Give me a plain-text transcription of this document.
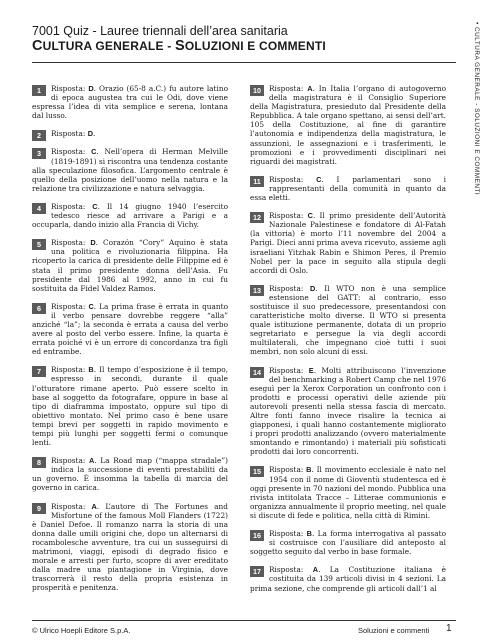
7001 Quiz - Lauree triennali dell’area sanitaria
CULTURA GENERALE - SOLUZIONI E COMMENTI	• CULTURA GENERALE - SOLUZIONI E COMMENTI
1	Risposta: D. Orazio (65-8 a.C.) fu autore latino di epoca augustea tra cui le Odi, dove viene espressa l’idea di vita semplice e serena, lontana dal lusso.
2	Risposta: D.
3	Risposta: C. Nell’opera di Herman Melville (1819-1891) si riscontra una tendenza costante alla speculazione filosofica. L’argomento centrale è quello della posizione dell’uomo nella natura e la relazione tra civilizzazione e natura selvaggia.
4	Risposta: C. Il 14 giugno 1940 l’esercito tedesco riesce ad arrivare a Parigi e a occuparla, dando inizio alla Francia di Vichy.
5	Risposta: D. Corazón “Cory” Aquino è stata una politica e rivoluzionaria filippina. Ha ricoperto la carica di presidente delle Filippine ed è stata il primo presidente donna dell’Asia. Fu presidente dal 1986 al 1992, anno in cui fu sostituita da Fidel Valdez Ramos.
6	Risposta: C. La prima frase è errata in quanto il verbo pensare dovrebbe reggere “alla” anziché “la”; la seconda è errata a causa del verbo avere al posto del verbo essere. Infine, la quarta è errata poiché vi è un errore di concordanza tra figli ed entrambe.
7	Risposta: B. Il tempo d’esposizione è il tempo, espresso in secondi, durante il quale l’otturatore rimane aperto. Può essere scelto in base al soggetto da fotografare, oppure in base al tipo di diaframma impostato, oppure sul tipo di obiettivo montato. Nel primo caso è bene usare tempi brevi per soggetti in rapido movimento e tempi più lunghi per soggetti fermi o comunque lenti.
8	Risposta: A. La Road map (“mappa stradale”) indica la successione di eventi prestabiliti da un governo. È insomma la tabella di marcia del governo in carica.
9	Risposta: A. L’autore di The Fortunes and Misfortune of the famous Moll Flanders (1722) è Daniel Defoe. Il romanzo narra la storia di una donna dalle umili origini che, dopo un alternarsi di rocambolesche avventure, tra cui un susseguirsi di matrimoni, viaggi, episodi di degrado fisico e morale e arresti per furto, scopre di aver ereditato dalla madre una piantagione in Virginia, dove trascorrerà il resto della propria esistenza in prosperità e penitenza.
10	Risposta: A. In Italia l’organo di autogoverno della magistratura è il Consiglio Superiore della Magistratura, presieduto dal Presidente della Repubblica. A tale organo spettano, ai sensi dell’art. 105 della Costituzione, al fine di garantire l’autonomia e indipendenza della magistratura, le assunzioni, le assegnazioni e i trasferimenti, le promozioni e i provvedimenti disciplinari nei riguardi dei magistrati.
11	Risposta: C. I parlamentari sono i rappresentanti della comunità in quanto da essa eletti.
12	Risposta: C. Il primo presidente dell’Autorità Nazionale Palestinese e fondatore di Al-Fatah (la vittoria) è morto l’11 novembre del 2004 a Parigi. Dieci anni prima aveva ricevuto, assieme agli israeliani Yitzhak Rabin e Shimon Peres, il Premio Nobel per la pace in seguito alla stipula degli accordi di Oslo.
13	Risposta: D. Il WTO non è una semplice estensione del GATT: al contrario, esso sostituisce il suo predecessore, presentandosi con caratteristiche molto diverse. Il WTO si presenta quale istituzione permanente, dotata di un proprio segretariato e persegue la via degli accordi multilaterali, che impegnano cioè tutti i suoi membri, non solo alcuni di essi.
14	Risposta: E. Molti attribuiscono l’invenzione del benchmarking a Robert Camp che nel 1976 eseguì per la Xerox Corporation un confronto con i prodotti e processi operativi delle aziende più autorevoli presenti nella stessa fascia di mercato. Altre fonti fanno invece risalire la tecnica ai giapponesi, i quali hanno costantemente migliorato i propri prodotti analizzando (ovvero materialmente smontando e rimontando) i materiali più sofisticati prodotti dai loro concorrenti.
15	Risposta: B. Il movimento ecclesiale è nato nel 1954 con il nome di Gioventù studentesca ed è oggi presente in 70 nazioni del mondo. Pubblica una rivista intitolata Tracce – Litterae communionis e organizza annualmente il proprio meeting, nel quale si discute di fede e politica, nella città di Rimini.
16	Risposta: B. La forma interrogativa al passato si costruisce con l’ausiliare did anteposto al soggetto seguito dal verbo in base formale.
17	Risposta: A. La Costituzione italiana è costituita da 139 articoli divisi in 4 sezioni. La prima sezione, che comprende gli articoli dall’1 al
© Ulrico Hoepli Editore S.p.A.	Soluzioni e commenti 1
